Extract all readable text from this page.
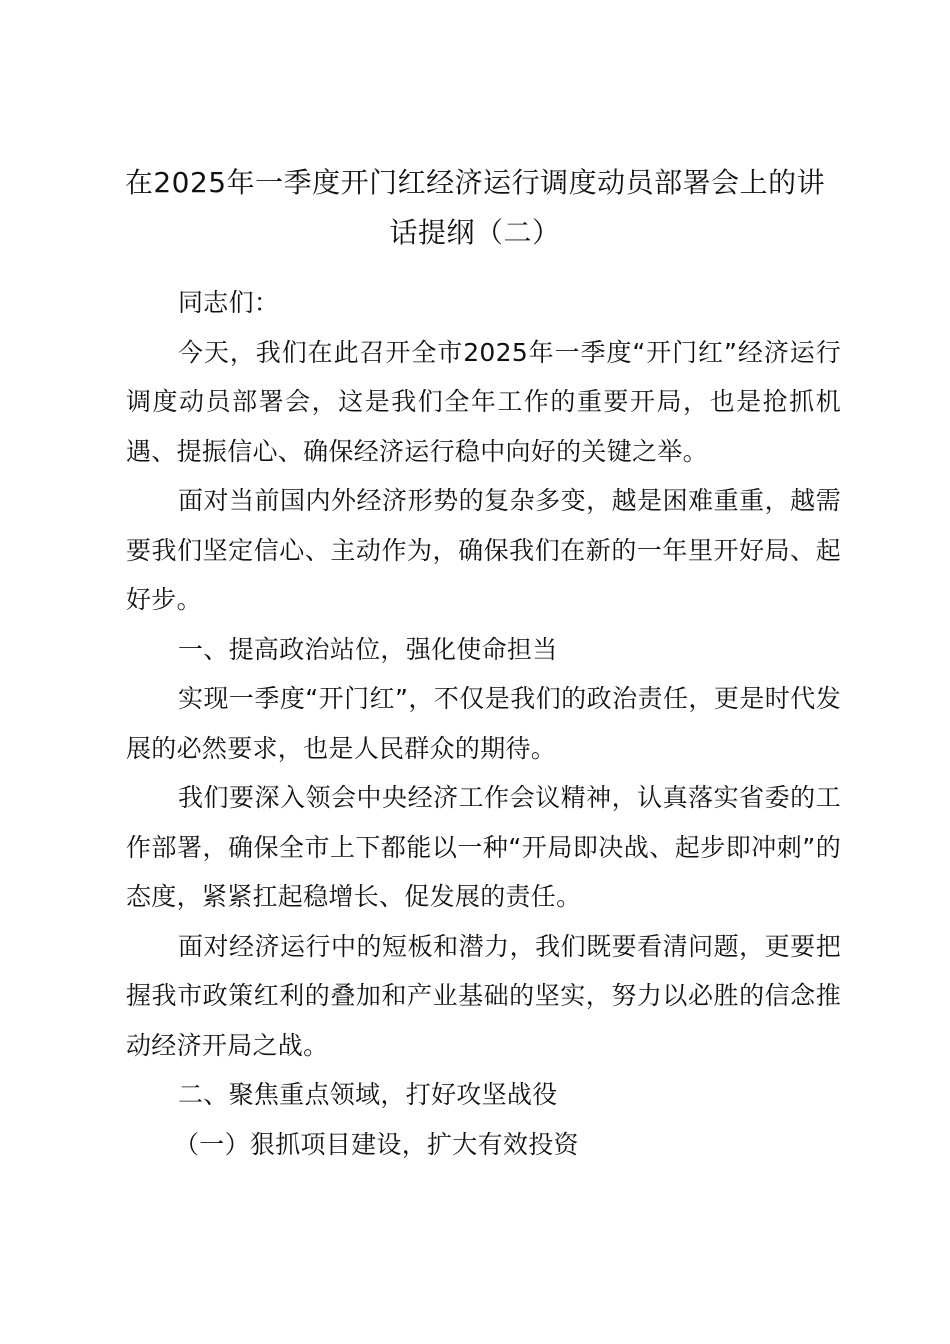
在2025年一季度开门红经济运行调度动员部署会上的讲话提纲（二）

同志们：

今天，我们在此召开全市2025年一季度“开门红”经济运行调度动员部署会，这是我们全年工作的重要开局，也是抢抓机遇、提振信心、确保经济运行稳中向好的关键之举。

面对当前国内外经济形势的复杂多变，越是困难重重，越需要我们坚定信心、主动作为，确保我们在新的一年里开好局、起好步。

一、提高政治站位，强化使命担当

实现一季度“开门红”，不仅是我们的政治责任，更是时代发展的必然要求，也是人民群众的期待。

我们要深入领会中央经济工作会议精神，认真落实省委的工作部署，确保全市上下都能以一种“开局即决战、起步即冲刺”的态度，紧紧扛起稳增长、促发展的责任。

面对经济运行中的短板和潜力，我们既要看清问题，更要把握我市政策红利的叠加和产业基础的坚实，努力以必胜的信念推动经济开局之战。

二、聚焦重点领域，打好攻坚战役

（一）狠抓项目建设，扩大有效投资
